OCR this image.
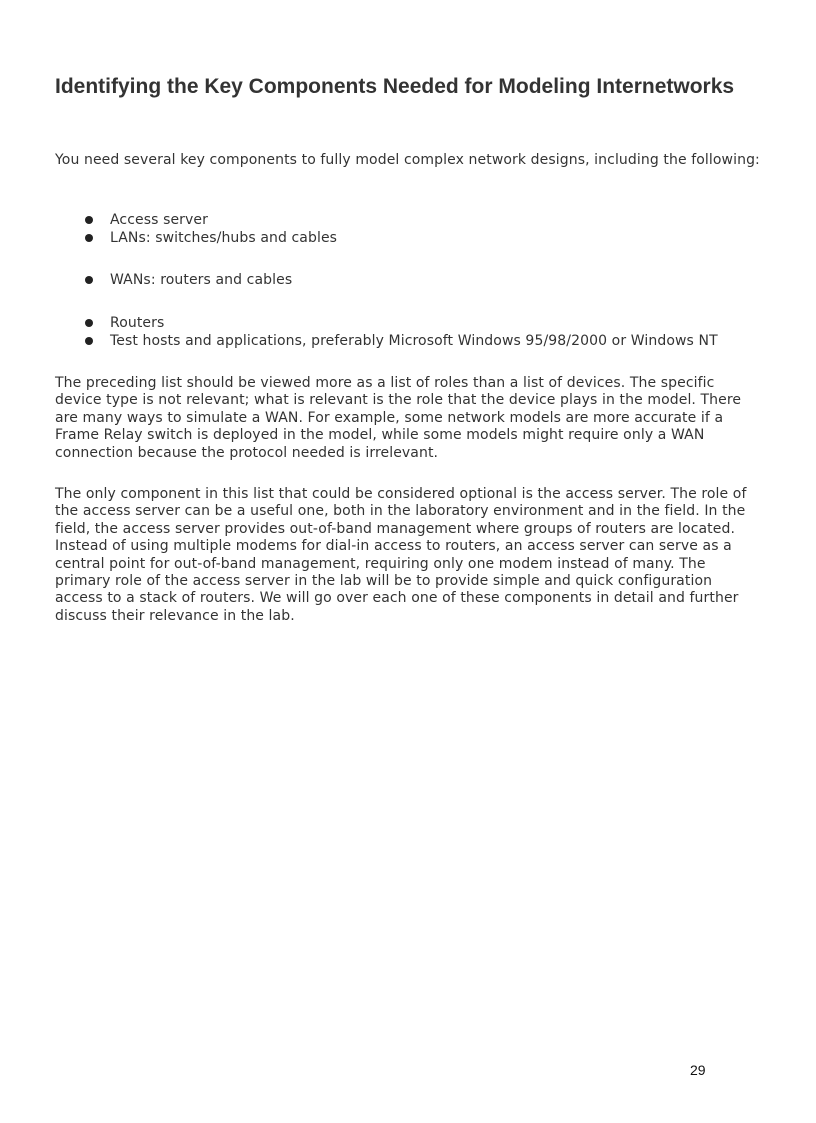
Identifying the Key Components Needed for Modeling Internetworks

You need several key components to fully model complex network designs, including the following:

Access server
LANs: switches/hubs and cables
WANs: routers and cables
Routers
Test hosts and applications, preferably Microsoft Windows 95/98/2000 or Windows NT

The preceding list should be viewed more as a list of roles than a list of devices. The specific device type is not relevant; what is relevant is the role that the device plays in the model. There are many ways to simulate a WAN. For example, some network models are more accurate if a Frame Relay switch is deployed in the model, while some models might require only a WAN connection because the protocol needed is irrelevant.

The only component in this list that could be considered optional is the access server. The role of the access server can be a useful one, both in the laboratory environment and in the field. In the field, the access server provides out-of-band management where groups of routers are located. Instead of using multiple modems for dial-in access to routers, an access server can serve as a central point for out-of-band management, requiring only one modem instead of many. The primary role of the access server in the lab will be to provide simple and quick configuration access to a stack of routers. We will go over each one of these components in detail and further discuss their relevance in the lab.

29
